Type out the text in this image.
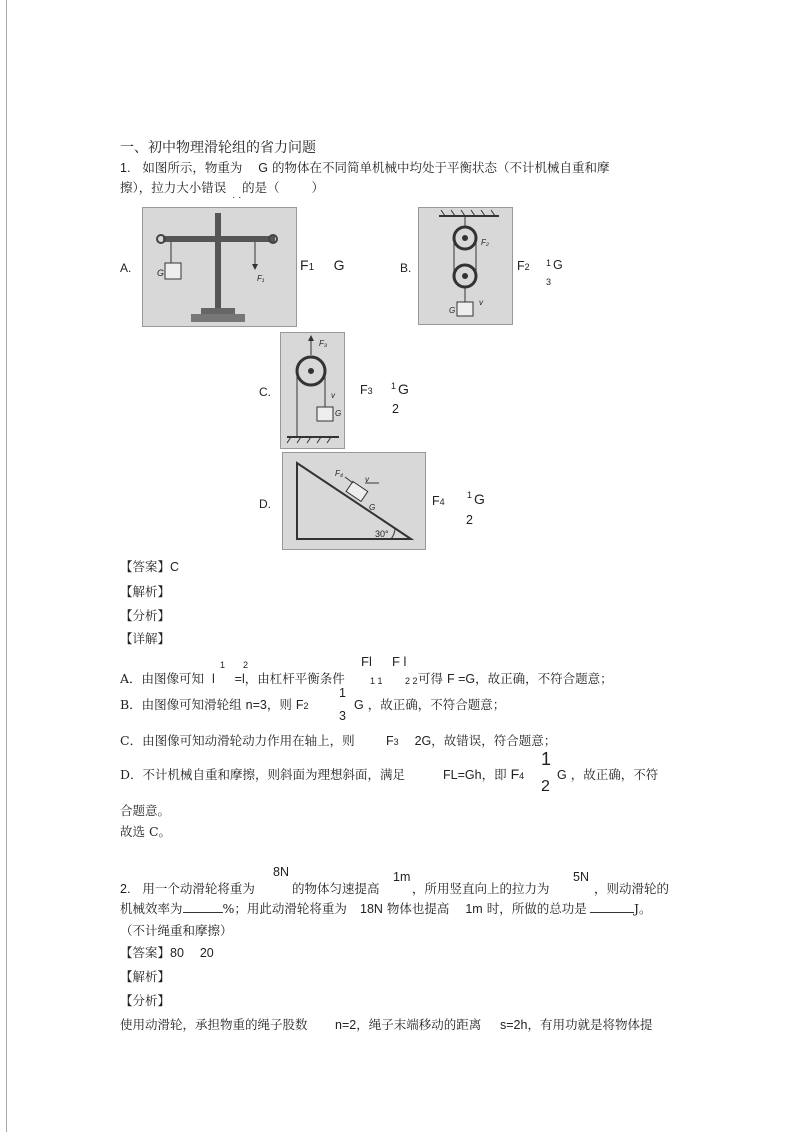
一、初中物理滑轮组的省力问题
1. 如图所示，物重为 G 的物体在不同简单机械中均处于平衡状态（不计机械自重和摩
擦），拉力大小错误 的是（	）
· ·
G
F₁
A.	F1 G
F₂
G
v
B.	F2 1 G
3
F₃
G
v
C.	F3 1 G
2
F₄
v
G
30°
D.	F4
1 G
2
【答案】C
【解析】
【分析】
【详解】
1 2	Fl F l
A．由图像可知 l =l，由杠杆平衡条件	1 1 2 2 可得 F =G，故正确，不符合题意；
1
B．由图像可知滑轮组 n=3，则 F2	G ，故正确，不符合题意；
3
C．由图像可知动滑轮动力作用在轴上，则	F3 2G，故错误，符合题意；
1
D．不计机械自重和摩擦，则斜面为理想斜面，满足	FL=Gh，即 F4	G ，故正确，不符
2
合题意。
故选 C。
8N	1m	5N
2. 用一个动滑轮将重为	的物体匀速提高	，所用竖直向上的拉力为	，则动滑轮的
机械效率为	%；用此动滑轮将重为 18N 物体也提高 1m 时，所做的总功是	J。
（不计绳重和摩擦）
【答案】80 20
【解析】
【分析】
使用动滑轮，承担物重的绳子股数 n=2，绳子末端移动的距离 s=2h，有用功就是将物体提
